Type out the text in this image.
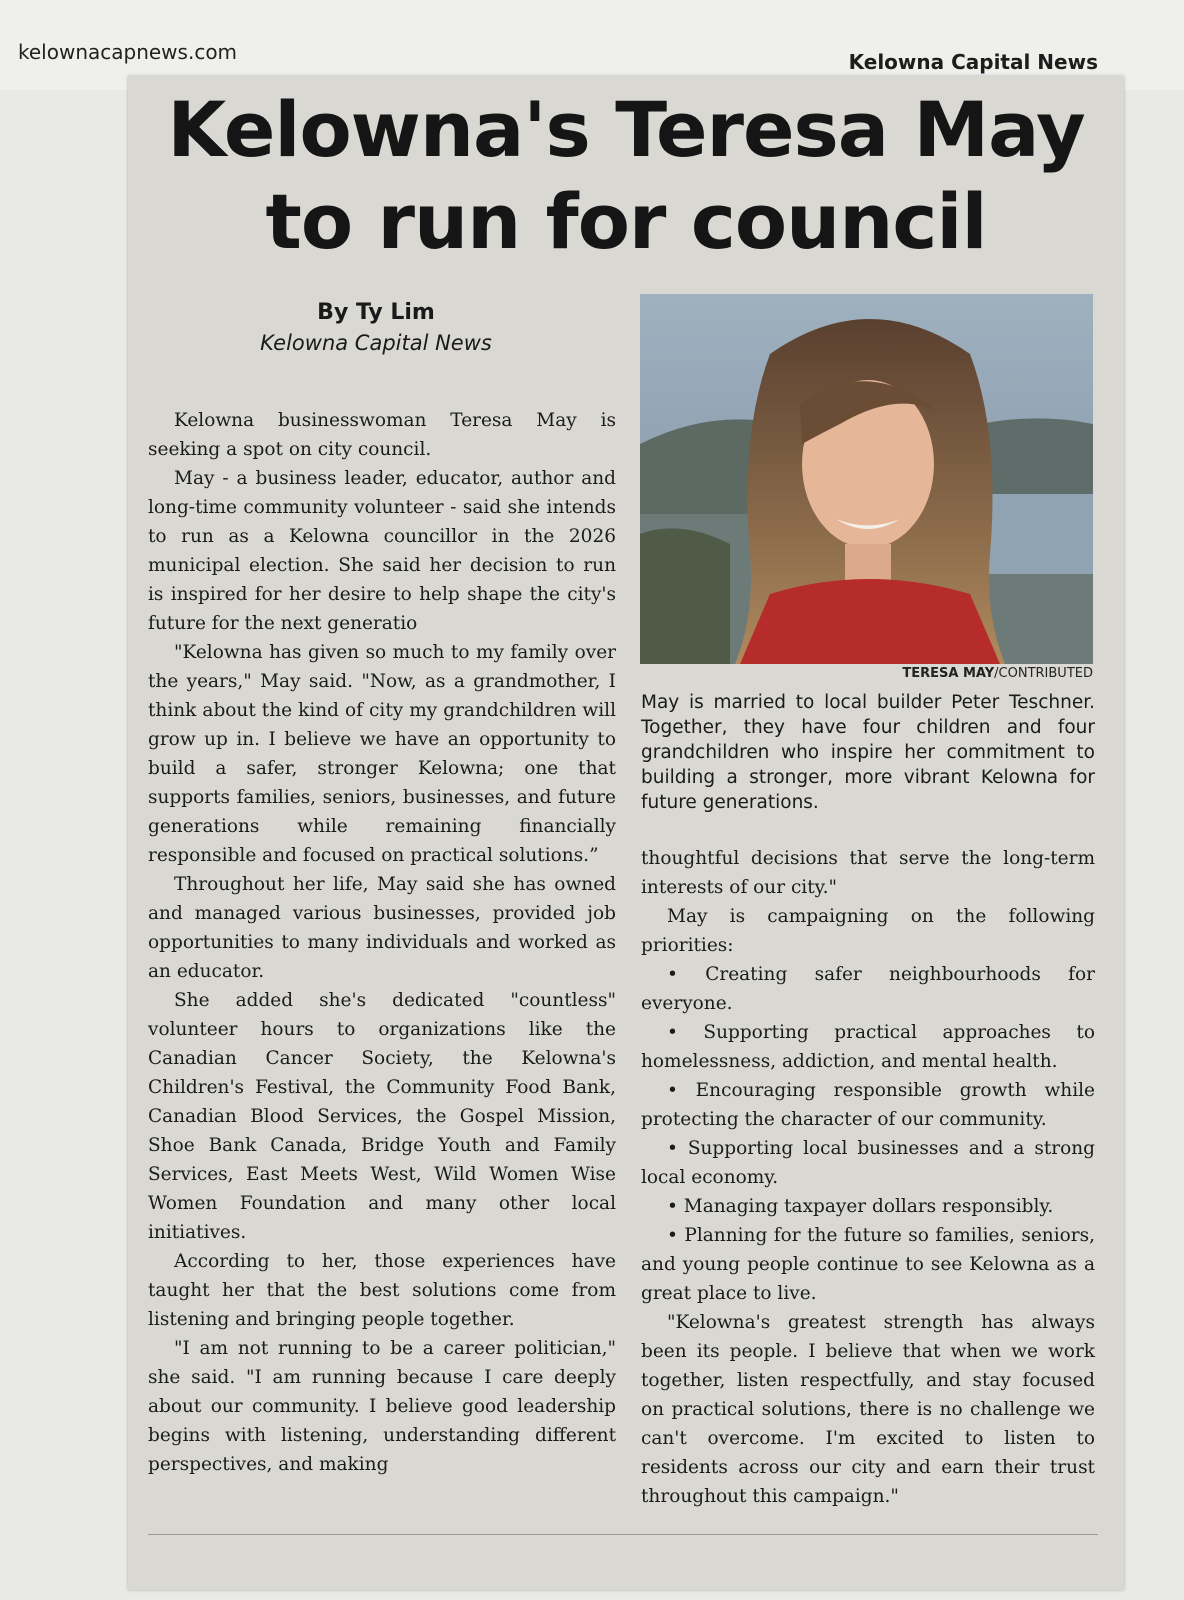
kelownacapnews.com	Kelowna Capital News
Kelowna's Teresa May to run for council
By Ty Lim
Kelowna Capital News

Kelowna businesswoman Teresa May is seeking a spot on city council.

May - a business leader, educator, author and long-time community volunteer - said she intends to run as a Kelowna councillor in the 2026 municipal election. She said her decision to run is inspired for her desire to help shape the city's future for the next generatio

"Kelowna has given so much to my family over the years," May said. "Now, as a grandmother, I think about the kind of city my grandchildren will grow up in. I believe we have an opportunity to build a safer, stronger Kelowna; one that supports families, seniors, businesses, and future generations while remaining financially responsible and focused on practical solutions.”

Throughout her life, May said she has owned and managed various businesses, provided job opportunities to many individuals and worked as an educator.

She added she's dedicated "countless" volunteer hours to organizations like the Canadian Cancer Society, the Kelowna's Children's Festival, the Community Food Bank, Canadian Blood Services, the Gospel Mission, Shoe Bank Canada, Bridge Youth and Family Services, East Meets West, Wild Women Wise Women Foundation and many other local initiatives.

According to her, those experiences have taught her that the best solutions come from listening and bringing people together.

"I am not running to be a career politician," she said. "I am running because I care deeply about our community. I believe good leadership begins with listening, understanding different perspectives, and making

TERESA MAY/CONTRIBUTED
May is married to local builder Peter Teschner. Together, they have four children and four grandchildren who inspire her commitment to building a stronger, more vibrant Kelowna for future generations.

thoughtful decisions that serve the long-term interests of our city."

May is campaigning on the following priorities:

• Creating safer neighbourhoods for everyone.

• Supporting practical approaches to homelessness, addiction, and mental health.

• Encouraging responsible growth while protecting the character of our community.

• Supporting local businesses and a strong local economy.

• Managing taxpayer dollars responsibly.

• Planning for the future so families, seniors, and young people continue to see Kelowna as a great place to live.

"Kelowna's greatest strength has always been its people. I believe that when we work together, listen respectfully, and stay focused on practical solutions, there is no challenge we can't overcome. I'm excited to listen to residents across our city and earn their trust throughout this campaign."
